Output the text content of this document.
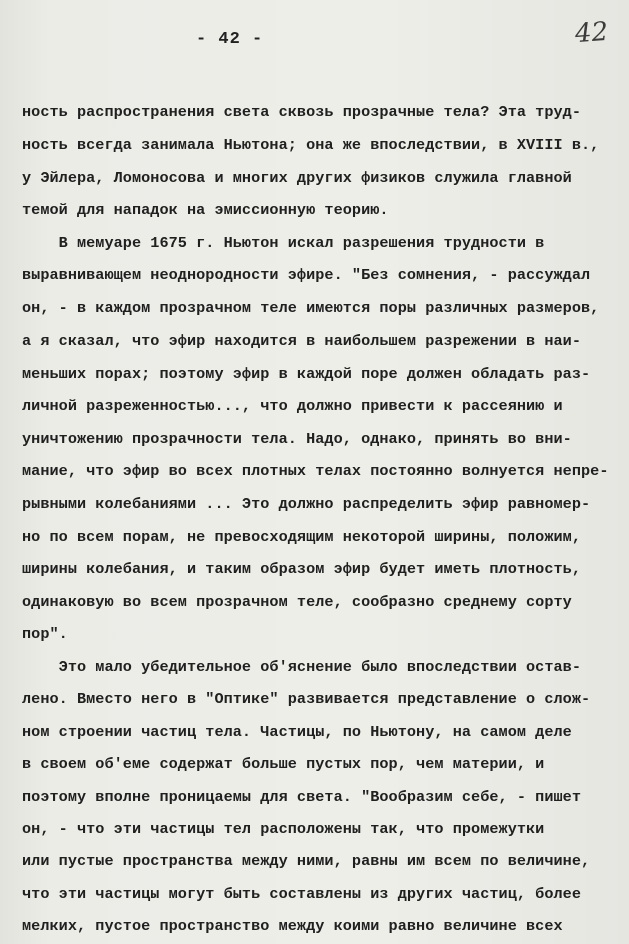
- 42 -	42
ность распространения света сквозь прозрачные тела? Эта труд-
ность всегда занимала Ньютона; она же впоследствии, в XVIII в.,
у Эйлера, Ломоносова и многих других физиков служила главной
темой для нападок на эмиссионную теорию.
В мемуаре 1675 г. Ньютон искал разрешения трудности в
выравнивающем неоднородности эфире. "Без сомнения, - рассуждал
он, - в каждом прозрачном теле имеются поры различных размеров,
а я сказал, что эфир находится в наибольшем разрежении в наи-
меньших порах; поэтому эфир в каждой поре должен обладать раз-
личной разреженностью..., что должно привести к рассеянию и
уничтожению прозрачности тела. Надо, однако, принять во вни-
мание, что эфир во всех плотных телах постоянно волнуется непре-
рывными колебаниями ... Это должно распределить эфир равномер-
но по всем порам, не превосходящим некоторой ширины, положим,
ширины колебания, и таким образом эфир будет иметь плотность,
одинаковую во всем прозрачном теле, сообразно среднему сорту
пор".
Это мало убедительное об'яснение было впоследствии остав-
лено. Вместо него в "Оптике" развивается представление о слож-
ном строении частиц тела. Частицы, по Ньютону, на самом деле
в своем об'еме содержат больше пустых пор, чем материи, и
поэтому вполне проницаемы для света. "Вообразим себе, - пишет
он, - что эти частицы тел расположены так, что промежутки
или пустые пространства между ними, равны им всем по величине,
что эти частицы могут быть составлены из других частиц, более
мелких, пустое пространство между коими равно величине всех
